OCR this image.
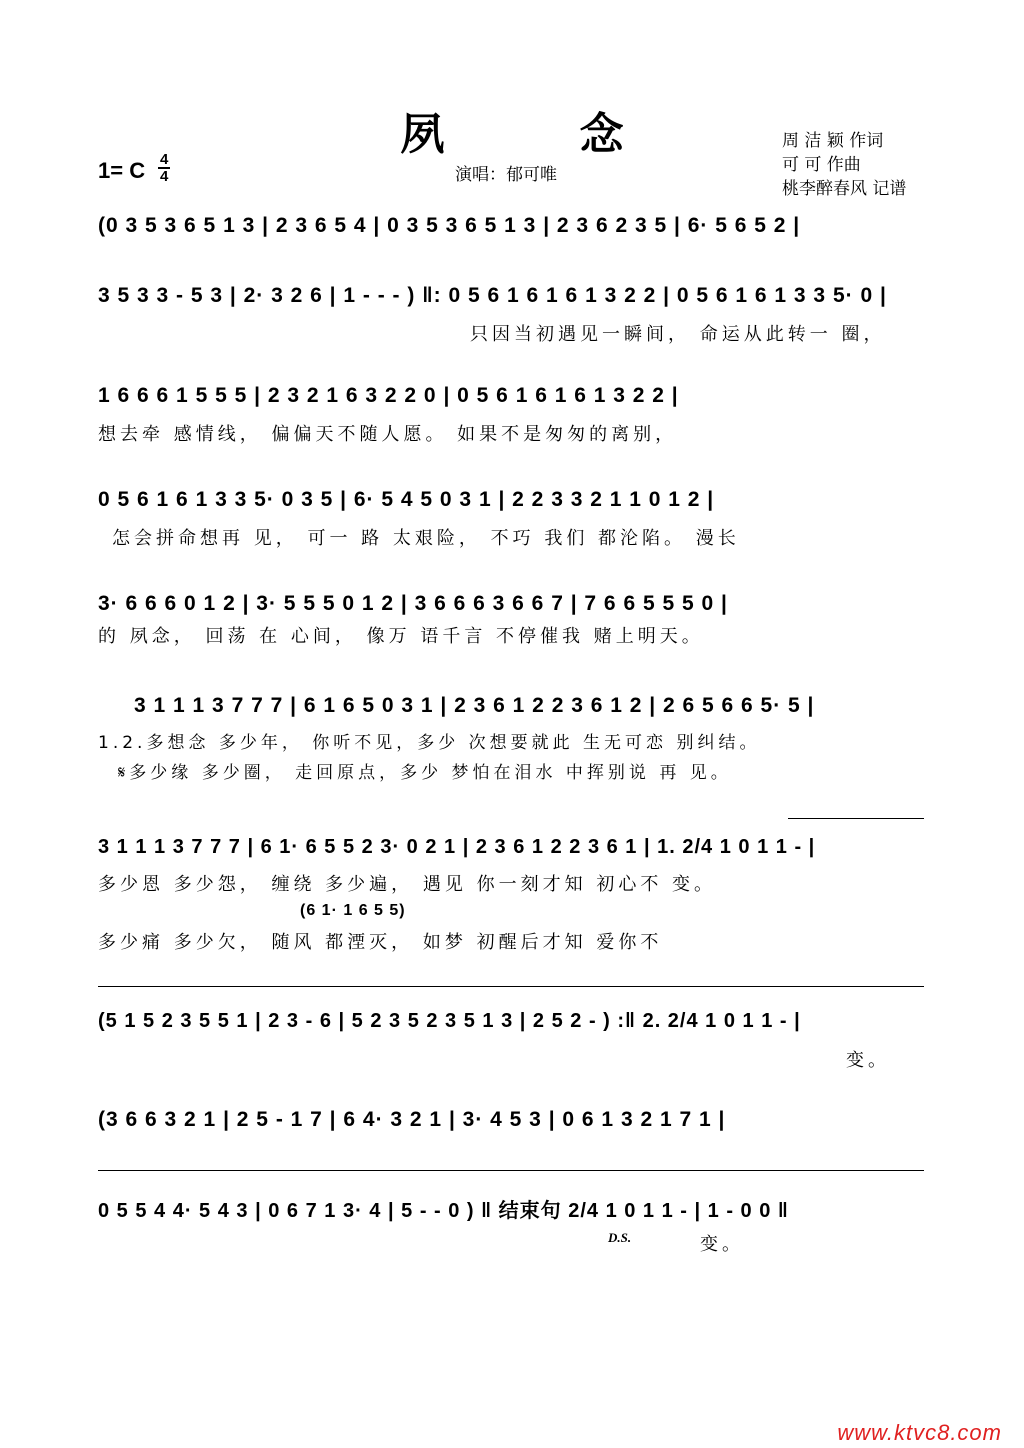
夙 念
1= C 4
4	演唱：郁可唯
周 洁 颖 作词
可 可 作曲
桃李醉春风 记谱
(0 3 5 3 6 5 1 3 | 2 3 6 5 4 | 0 3 5 3 6 5 1 3 | 2 3 6 2 3 5 | 6· 5 6 5 2 |
3 5 3 3 - 5 3 | 2· 3 2 6 | 1 - - - ) ‖: 0 5 6 1 6 1 6 1 3 2 2 | 0 5 6 1 6 1 3 3 5· 0 |
只因当初遇见一瞬间， 命运从此转一 圈，
1 6 6 6 1 5 5 5 | 2 3 2 1 6 3 2 2 0 | 0 5 6 1 6 1 6 1 3 2 2 |
想去牵 感情线， 偏偏天不随人愿。 如果不是匆匆的离别，
0 5 6 1 6 1 3 3 5· 0 3 5 | 6· 5 4 5 0 3 1 | 2 2 3 3 2 1 1 0 1 2 |
怎会拼命想再 见， 可一 路 太艰险， 不巧 我们 都沦陷。 漫长
3· 6 6 6 0 1 2 | 3· 5 5 5 0 1 2 | 3 6 6 6 3 6 6 7 | 7 6 6 5 5 5 0 |
的 夙念， 回荡 在 心间， 像万 语千言 不停催我 赌上明天。
3 1 1 1 3 7 7 7 | 6 1 6 5 0 3 1 | 2 3 6 1 2 2 3 6 1 2 | 2 6 5 6 6 5· 5 |
1.2.多想念 多少年， 你听不见，多少 次想要就此 生无可恋 别纠结。
𝄋多少缘 多少圈， 走回原点，多少 梦怕在泪水 中挥别说 再 见。
3 1 1 1 3 7 7 7 | 6 1· 6 5 5 2 3· 0 2 1 | 2 3 6 1 2 2 3 6 1 | 1. 2/4 1 0 1 1 - |
多少恩 多少怨， 缠绕 多少遍， 遇见 你一刻才知 初心不 变。
(6 1· 1 6 5 5)
多少痛 多少欠， 随风 都湮灭， 如梦 初醒后才知 爱你不
(5 1 5 2 3 5 5 1 | 2 3 - 6 | 5 2 3 5 2 3 5 1 3 | 2 5 2 - ) :‖ 2. 2/4 1 0 1 1 - |
变。
(3 6 6 3 2 1 | 2 5 - 1 7 | 6 4· 3 2 1 | 3· 4 5 3 | 0 6 1 3 2 1 7 1 |
0 5 5 4 4· 5 4 3 | 0 6 7 1 3· 4 | 5 - - 0 ) ‖ 结束句 2/4 1 0 1 1 - | 1 - 0 0 ‖
D.S.	变。
www.ktvc8.com
